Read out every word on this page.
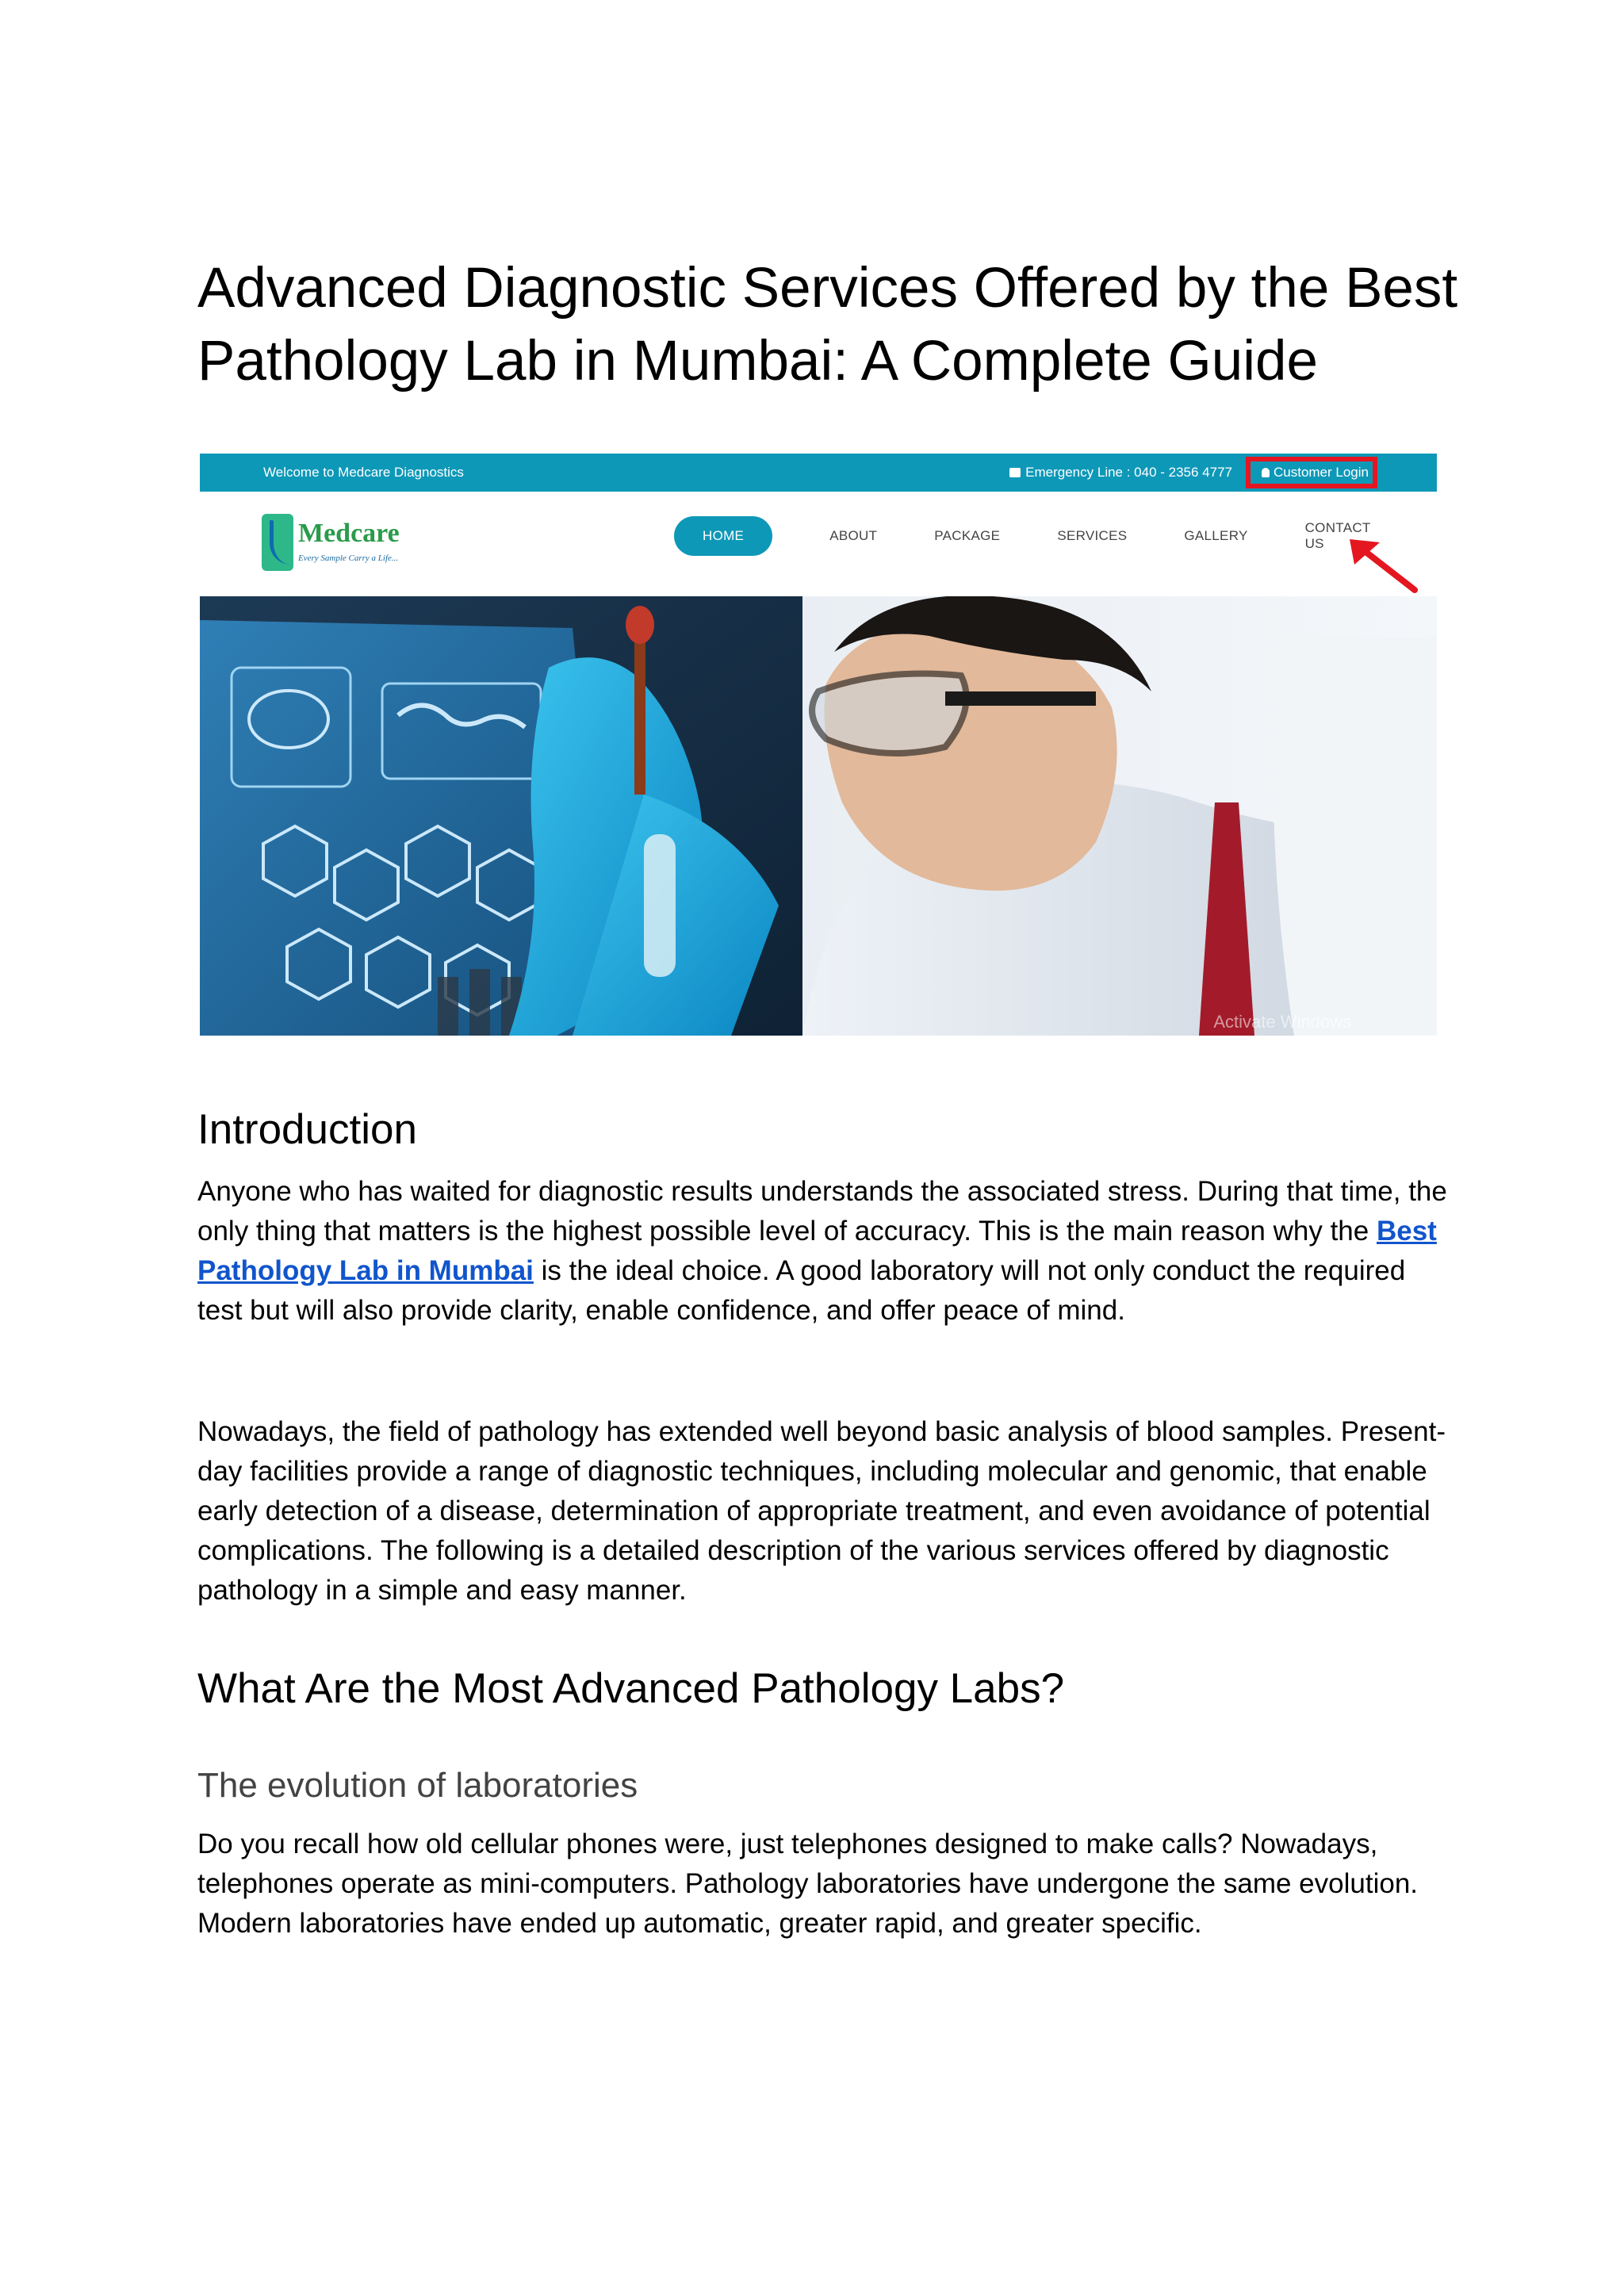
Advanced Diagnostic Services Offered by the Best Pathology Lab in Mumbai: A Complete Guide
Welcome to Medcare Diagnostics	Emergency Line : 040 - 2356 4777	Customer Login
Medcare
Every Sample Carry a Life...
HOME	ABOUT	PACKAGE	SERVICES	GALLERY
CONTACT US
Activate Windows
Introduction

Anyone who has waited for diagnostic results understands the associated stress. During that time, the only thing that matters is the highest possible level of accuracy. This is the main reason why the Best Pathology Lab in Mumbai is the ideal choice. A good laboratory will not only conduct the required test but will also provide clarity, enable confidence, and offer peace of mind.

Nowadays, the field of pathology has extended well beyond basic analysis of blood samples. Present-day facilities provide a range of diagnostic techniques, including molecular and genomic, that enable early detection of a disease, determination of appropriate treatment, and even avoidance of potential complications. The following is a detailed description of the various services offered by diagnostic pathology in a simple and easy manner.

What Are the Most Advanced Pathology Labs?
The evolution of laboratories

Do you recall how old cellular phones were, just telephones designed to make calls? Nowadays, telephones operate as mini-computers. Pathology laboratories have undergone the same evolution. Modern laboratories have ended up automatic, greater rapid, and greater specific.
